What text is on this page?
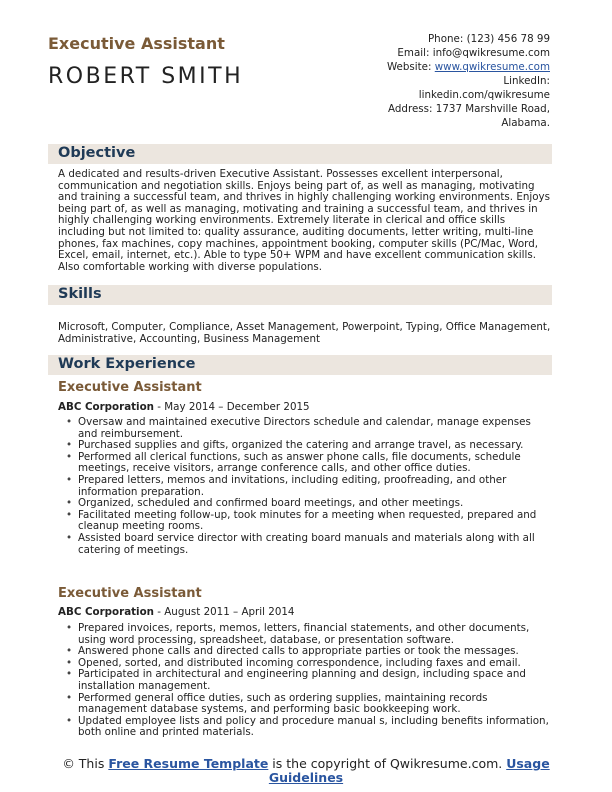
Executive Assistant
ROBERT SMITH
Phone: (123) 456 78 99
Email: info@qwikresume.com
Website: www.qwikresume.com
LinkedIn:
linkedin.com/qwikresume
Address: 1737 Marshville Road,
Alabama.
Objective
A dedicated and results-driven Executive Assistant. Possesses excellent interpersonal, communication and negotiation skills. Enjoys being part of, as well as managing, motivating and training a successful team, and thrives in highly challenging working environments. Enjoys being part of, as well as managing, motivating and training a successful team, and thrives in highly challenging working environments. Extremely literate in clerical and office skills including but not limited to: quality assurance, auditing documents, letter writing, multi-line phones, fax machines, copy machines, appointment booking, computer skills (PC/Mac, Word, Excel, email, internet, etc.). Able to type 50+ WPM and have excellent communication skills. Also comfortable working with diverse populations.
Skills
Microsoft, Computer, Compliance, Asset Management, Powerpoint, Typing, Office Management, Administrative, Accounting, Business Management
Work Experience
Executive Assistant
ABC Corporation - May 2014 – December 2015
• Oversaw and maintained executive Directors schedule and calendar, manage expenses and reimbursement.
• Purchased supplies and gifts, organized the catering and arrange travel, as necessary.
• Performed all clerical functions, such as answer phone calls, file documents, schedule meetings, receive visitors, arrange conference calls, and other office duties.
• Prepared letters, memos and invitations, including editing, proofreading, and other information preparation.
• Organized, scheduled and confirmed board meetings, and other meetings.
• Facilitated meeting follow-up, took minutes for a meeting when requested, prepared and cleanup meeting rooms.
• Assisted board service director with creating board manuals and materials along with all catering of meetings.
Executive Assistant
ABC Corporation - August 2011 – April 2014
• Prepared invoices, reports, memos, letters, financial statements, and other documents, using word processing, spreadsheet, database, or presentation software.
• Answered phone calls and directed calls to appropriate parties or took the messages.
• Opened, sorted, and distributed incoming correspondence, including faxes and email.
• Participated in architectural and engineering planning and design, including space and installation management.
• Performed general office duties, such as ordering supplies, maintaining records management database systems, and performing basic bookkeeping work.
• Updated employee lists and policy and procedure manual s, including benefits information, both online and printed materials.
© This Free Resume Template is the copyright of Qwikresume.com. Usage Guidelines
